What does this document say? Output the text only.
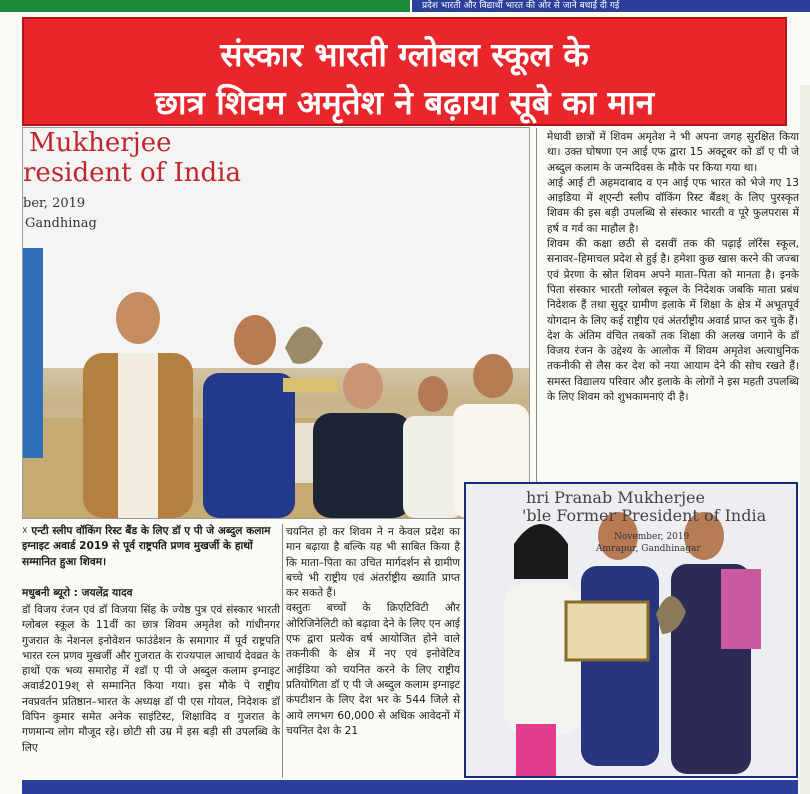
प्रदेश भारती और विद्यार्थी भारत की ओर से जाने बधाई दी गई
संस्कार भारती ग्लोबल स्कूल के
छात्र शिवम अमृतेश ने बढ़ाया सूबे का मान
Mukherjee
resident of India
ber, 2019
Gandhinag
मेधावी छात्रों में शिवम अमृतेश ने भी अपना जगह सुरक्षित किया था। उक्त घोषणा एन आई एफ द्वारा 15 अक्टूबर को डॉ ए पी जे अब्दुल कलाम के जन्मदिवस के मौके पर किया गया था।
आई आई टी अहमदाबाद व एन आई एफ भारत को भेजे गए 13 आइडिया में श्एन्टी स्लीप वॉकिंग रिस्ट बैंडश् के लिए पुरस्कृत शिवम की इस बड़ी उपलब्धि से संस्कार भारती व पूरे फुलपरास में हर्ष व गर्व का माहौल है।
शिवम की कक्षा छठी से दसवीं तक की पढ़ाई लॉरेंस स्कूल, सनावर–हिमाचल प्रदेश से हुई है। हमेशा कुछ खास करने की जज्बा एवं प्रेरणा के स्रोत शिवम अपने माता–पिता को मानता है। इनके पिता संस्कार भारती ग्लोबल स्कूल के निदेशक जबकि माता प्रबंध निदेशक हैं तथा सुदूर ग्रामीण इलाके में शिक्षा के क्षेत्र में अभूतपूर्व योगदान के लिए कई राष्ट्रीय एवं अंतर्राष्ट्रीय अवार्ड प्राप्त कर चुके हैं।
देश के अंतिम वंचित तबकों तक शिक्षा की अलख जगाने के डॉ विजय रंजन के उद्देश्य के आलोक में शिवम अमृतेश अत्याधुनिक तकनीकी से लैस कर देश को नया आयाम देने की सोच रखते हैं। समस्त विद्यालय परिवार और इलाके के लोगों ने इस महती उपलब्धि के लिए शिवम को शुभकामनाएं दी है।
☓ एन्टी स्लीप वॉकिंग रिस्ट बैंड के लिए डॉ ए पी जे अब्दुल कलाम इग्नाइट अवार्ड 2019 से पूर्व राष्ट्रपति प्रणव मुखर्जी के हाथों सम्मानित हुआ शिवम।
मधुबनी ब्यूरो : जयलेंद्र यादव
डॉ विजय रंजन एवं डॉ विजया सिंह के ज्येष्ठ पुत्र एवं संस्कार भारती ग्लोबल स्कूल के 11वीं का छात्र शिवम अमृतेश को गांधीनगर गुजरात के नेशनल इनोवेशन फाउंडेशन के समागार में पूर्व राष्ट्रपति भारत रत्न प्रणव मुखर्जी और गुजरात के राज्यपाल आचार्य देवव्रत के हाथों एक भव्य समारोह में श्डॉ ए पी जे अब्दुल कलाम इग्नाइट अवार्ड2019श् से सम्मानित किया गया। इस मौके पे राष्ट्रीय नवप्रवर्तन प्रतिष्ठान–भारत के अध्यक्ष डॉ पी एस गोयल, निदेशक डॉ विपिन कुमार समेत अनेक साइंटिस्ट, शिक्षाविद व गुजरात के गणमान्य लोग मौजूद रहे। छोटी सी उम्र में इस बड़ी सी उपलब्धि के लिए
चयनित हो कर शिवम ने न केवल प्रदेश का मान बढ़ाया है बल्कि यह भी साबित किया है कि माता–पिता का उचित मार्गदर्शन से ग्रामीण बच्चे भी राष्ट्रीय एवं अंतर्राष्ट्रीय ख्याति प्राप्त कर सकते हैं।
वस्तुतः बच्चों के क्रिएटिविटी और ओरिजिनेलिटी को बढ़ावा देने के लिए एन आई एफ द्वारा प्रत्येक वर्ष आयोजित होने वाले तकनीकी के क्षेत्र में नए एवं इनोवेटिव आईडिया को चयनित करने के लिए राष्ट्रीय प्रतियोगिता डॉ ए पी जे अब्दुल कलाम इग्नाइट कंपटीशन के लिए देश भर के 544 जिले से आये लगभग 60,000 से अधिक आवेदनों में चयनित देश के 21
hri Pranab Mukherjee
'ble Former President of India
November, 2019
Amrapur, Gandhinagar
